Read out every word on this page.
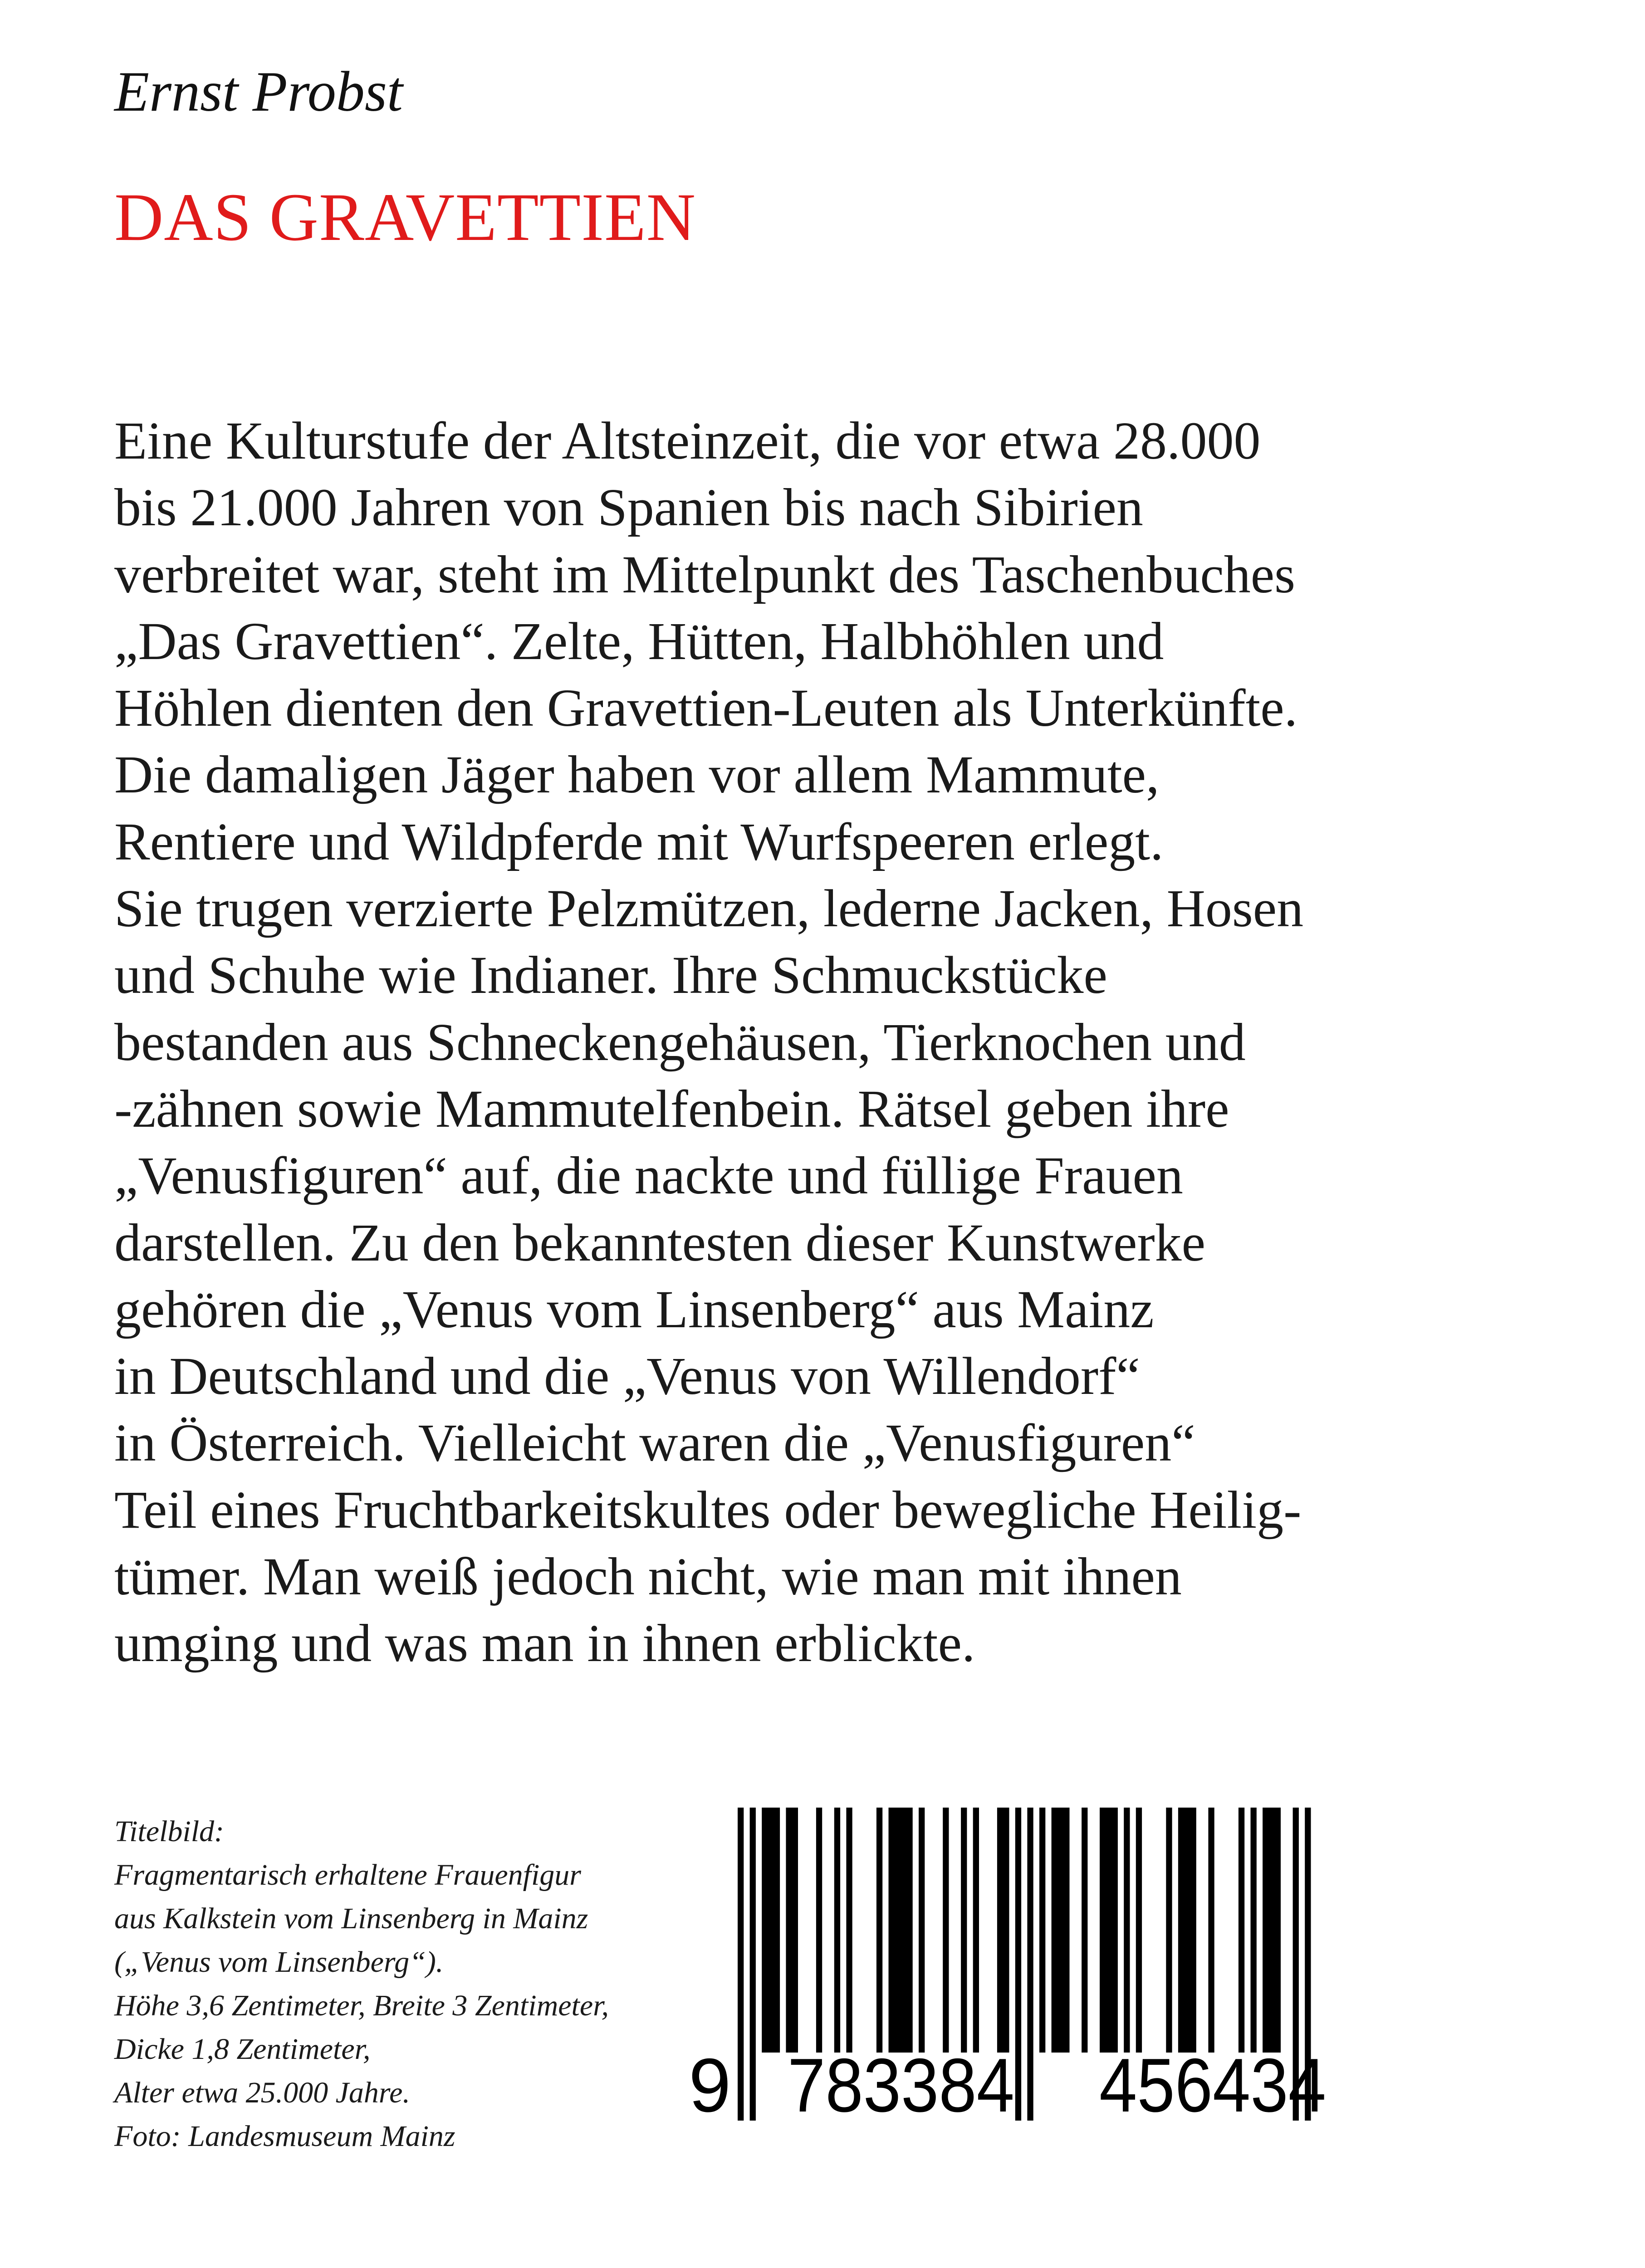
Ernst Probst

DAS GRAVETTIEN
Eine Kulturstufe der Altsteinzeit, die vor etwa 28.000
bis 21.000 Jahren von Spanien bis nach Sibirien
verbreitet war, steht im Mittelpunkt des Taschenbuches
„Das Gravettien“. Zelte, Hütten, Halbhöhlen und
Höhlen dienten den Gravettien-Leuten als Unterkünfte.
Die damaligen Jäger haben vor allem Mammute,
Rentiere und Wildpferde mit Wurfspeeren erlegt.
Sie trugen verzierte Pelzmützen, lederne Jacken, Hosen
und Schuhe wie Indianer. Ihre Schmuckstücke
bestanden aus Schneckengehäusen, Tierknochen und
-zähnen sowie Mammutelfenbein. Rätsel geben ihre
„Venusfiguren“ auf, die nackte und füllige Frauen
darstellen. Zu den bekanntesten dieser Kunstwerke
gehören die „Venus vom Linsenberg“ aus Mainz
in Deutschland und die „Venus von Willendorf“
in Österreich. Vielleicht waren die „Venusfiguren“
Teil eines Fruchtbarkeitskultes oder bewegliche Heilig-
tümer. Man weiß jedoch nicht, wie man mit ihnen
umging und was man in ihnen erblickte.
Titelbild:
Fragmentarisch erhaltene Frauenfigur
aus Kalkstein vom Linsenberg in Mainz
(„Venus vom Linsenberg“).
Höhe 3,6 Zentimeter, Breite 3 Zentimeter,
Dicke 1,8 Zentimeter,
Alter etwa 25.000 Jahre.
Foto: Landesmuseum Mainz
9 783384 456434
